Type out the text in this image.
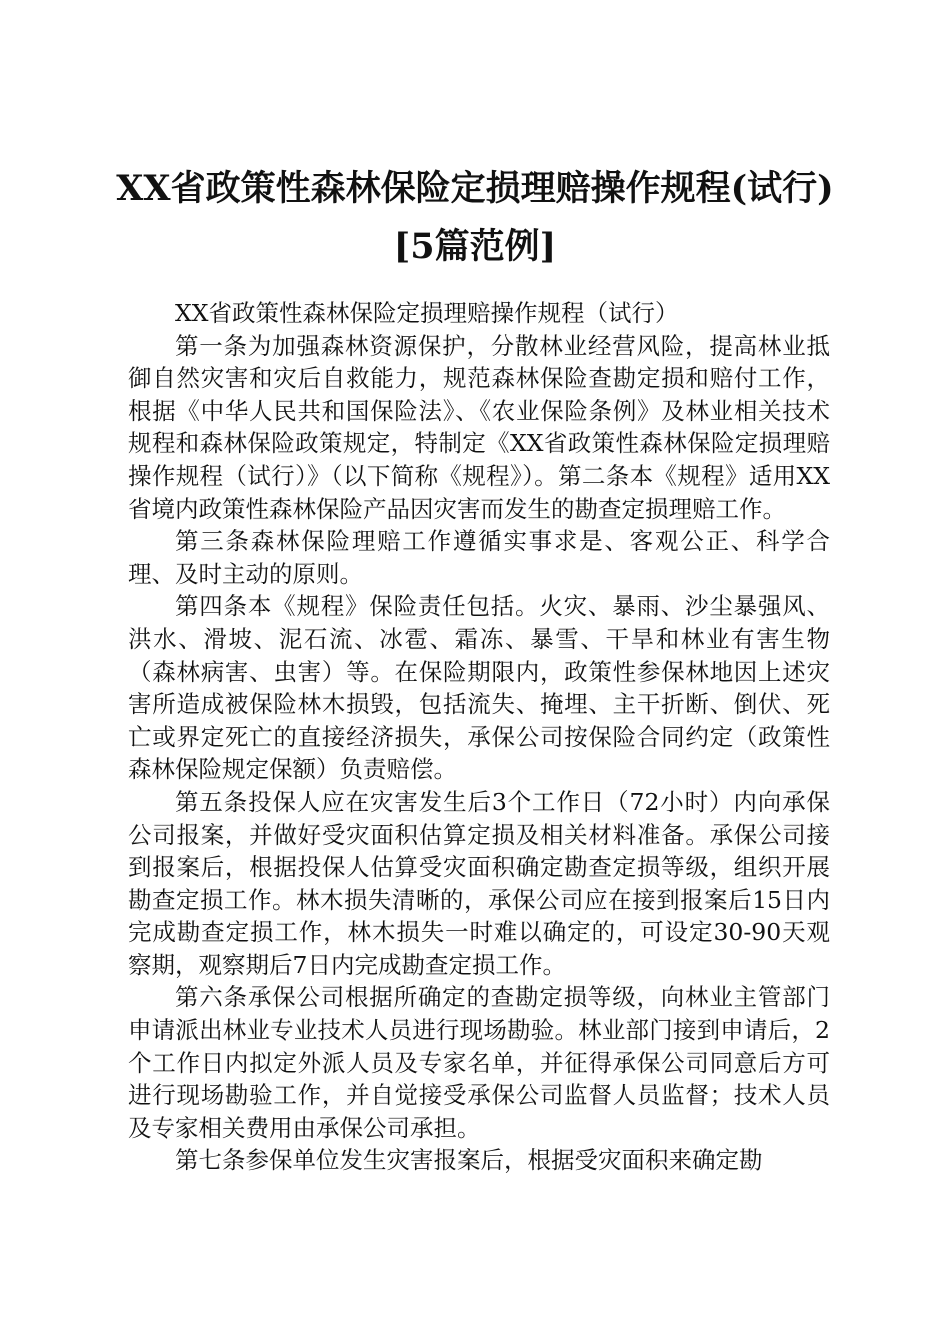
XX省政策性森林保险定损理赔操作规程(试行)[5篇范例]

XX省政策性森林保险定损理赔操作规程（试行）

第一条为加强森林资源保护，分散林业经营风险，提高林业抵御自然灾害和灾后自救能力，规范森林保险查勘定损和赔付工作，根据《中华人民共和国保险法》、《农业保险条例》及林业相关技术规程和森林保险政策规定，特制定《XX省政策性森林保险定损理赔操作规程（试行）》（以下简称《规程》）。第二条本《规程》适用XX省境内政策性森林保险产品因灾害而发生的勘查定损理赔工作。

第三条森林保险理赔工作遵循实事求是、客观公正、科学合理、及时主动的原则。

第四条本《规程》保险责任包括。火灾、暴雨、沙尘暴强风、洪水、滑坡、泥石流、冰雹、霜冻、暴雪、干旱和林业有害生物（森林病害、虫害）等。在保险期限内，政策性参保林地因上述灾害所造成被保险林木损毁，包括流失、掩埋、主干折断、倒伏、死亡或界定死亡的直接经济损失，承保公司按保险合同约定（政策性森林保险规定保额）负责赔偿。

第五条投保人应在灾害发生后3个工作日（72小时）内向承保公司报案，并做好受灾面积估算定损及相关材料准备。承保公司接到报案后，根据投保人估算受灾面积确定勘查定损等级，组织开展勘查定损工作。林木损失清晰的，承保公司应在接到报案后15日内完成勘查定损工作，林木损失一时难以确定的，可设定30-90天观察期，观察期后7日内完成勘查定损工作。

第六条承保公司根据所确定的查勘定损等级，向林业主管部门申请派出林业专业技术人员进行现场勘验。林业部门接到申请后，2个工作日内拟定外派人员及专家名单，并征得承保公司同意后方可进行现场勘验工作，并自觉接受承保公司监督人员监督；技术人员及专家相关费用由承保公司承担。

第七条参保单位发生灾害报案后，根据受灾面积来确定勘
